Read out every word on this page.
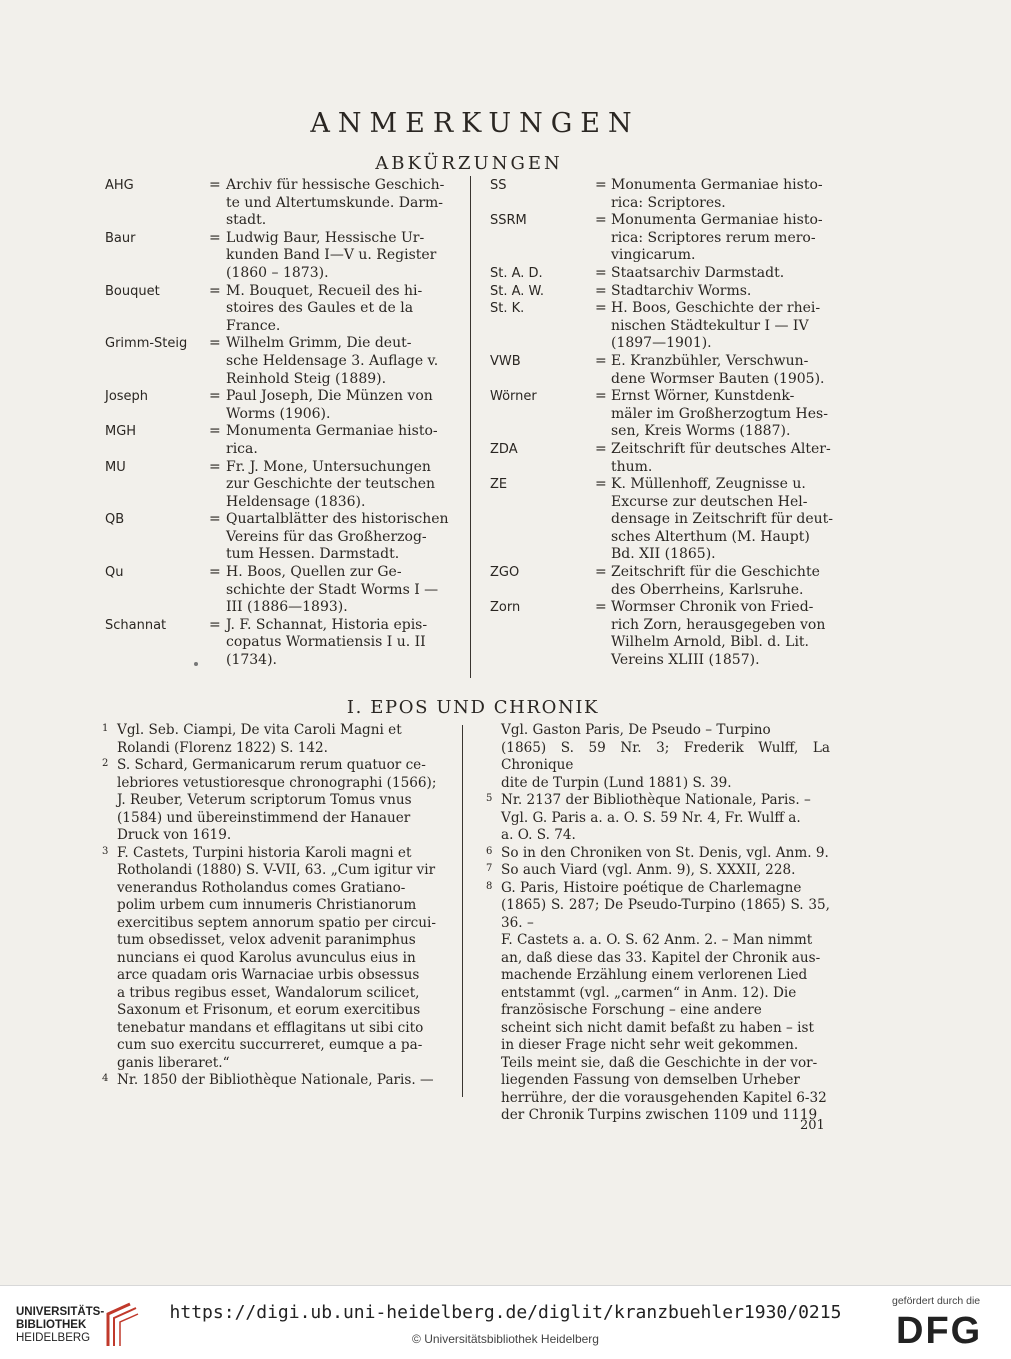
ANMERKUNGEN
ABKÜRZUNGEN
AHG	= Archiv für hessische Geschich-
te und Altertumskunde. Darm-
stadt.
Baur	= Ludwig Baur, Hessische Ur-
kunden Band I—V u. Register
(1860 – 1873).
Bouquet	= M. Bouquet, Recueil des hi-
stoires des Gaules et de la
France.
Grimm-Steig = Wilhelm Grimm, Die deut-
sche Heldensage 3. Auflage v.
Reinhold Steig (1889).
Joseph	= Paul Joseph, Die Münzen von
Worms (1906).
MGH	= Monumenta Germaniae histo-
rica.
MU	= Fr. J. Mone, Untersuchungen
zur Geschichte der teutschen
Heldensage (1836).
QB	= Quartalblätter des historischen
Vereins für das Großherzog-
tum Hessen. Darmstadt.
Qu	= H. Boos, Quellen zur Ge-
schichte der Stadt Worms I —
III (1886—1893).
Schannat	= J. F. Schannat, Historia epis-
copatus Wormatiensis I u. II
(1734).
SS	= Monumenta Germaniae histo-
rica: Scriptores.
SSRM	= Monumenta Germaniae histo-
rica: Scriptores rerum mero-
vingicarum.
St. A. D.	= Staatsarchiv Darmstadt.
St. A. W.	= Stadtarchiv Worms.
St. K.	= H. Boos, Geschichte der rhei-
nischen Städtekultur I — IV
(1897—1901).
VWB	= E. Kranzbühler, Verschwun-
dene Wormser Bauten (1905).
Wörner	= Ernst Wörner, Kunstdenk-
mäler im Großherzogtum Hes-
sen, Kreis Worms (1887).
ZDA	= Zeitschrift für deutsches Alter-
thum.
ZE	= K. Müllenhoff, Zeugnisse u.
Excurse zur deutschen Hel-
densage in Zeitschrift für deut-
sches Alterthum (M. Haupt)
Bd. XII (1865).
ZGO	= Zeitschrift für die Geschichte
des Oberrheins, Karlsruhe.
Zorn	= Wormser Chronik von Fried-
rich Zorn, herausgegeben von
Wilhelm Arnold, Bibl. d. Lit.
Vereins XLIII (1857).
I. EPOS UND CHRONIK
1 Vgl. Seb. Ciampi, De vita Caroli Magni et
Rolandi (Florenz 1822) S. 142.
2 S. Schard, Germanicarum rerum quatuor ce-
lebriores vetustioresque chronographi (1566);
J. Reuber, Veterum scriptorum Tomus vnus
(1584) und übereinstimmend der Hanauer
Druck von 1619.
3 F. Castets, Turpini historia Karoli magni et
Rotholandi (1880) S. V-VII, 63. „Cum igitur vir
venerandus Rotholandus comes Gratiano-
polim urbem cum innumeris Christianorum
exercitibus septem annorum spatio per circui-
tum obsedisset, velox advenit paranimphus
nuncians ei quod Karolus avunculus eius in
arce quadam oris Warnaciae urbis obsessus
a tribus regibus esset, Wandalorum scilicet,
Saxonum et Frisonum, et eorum exercitibus
tenebatur mandans et efflagitans ut sibi cito
cum suo exercitu succurreret, eumque a pa-
ganis liberaret.“
4 Nr. 1850 der Bibliothèque Nationale, Paris. —
Vgl. Gaston Paris, De Pseudo – Turpino
(1865) S. 59 Nr. 3; Frederik Wulff, La Chronique
dite de Turpin (Lund 1881) S. 39.
5 Nr. 2137 der Bibliothèque Nationale, Paris. –
Vgl. G. Paris a. a. O. S. 59 Nr. 4, Fr. Wulff a.
a. O. S. 74.
6 So in den Chroniken von St. Denis, vgl. Anm. 9.
7 So auch Viard (vgl. Anm. 9), S. XXXII, 228.
8 G. Paris, Histoire poétique de Charlemagne
(1865) S. 287; De Pseudo-Turpino (1865) S. 35, 36. –
F. Castets a. a. O. S. 62 Anm. 2. – Man nimmt
an, daß diese das 33. Kapitel der Chronik aus-
machende Erzählung einem verlorenen Lied
entstammt (vgl. „carmen“ in Anm. 12). Die
französische Forschung – eine andere
scheint sich nicht damit befaßt zu haben – ist
in dieser Frage nicht sehr weit gekommen.
Teils meint sie, daß die Geschichte in der vor-
liegenden Fassung von demselben Urheber
herrühre, der die vorausgehenden Kapitel 6-32
der Chronik Turpins zwischen 1109 und 1119
201
UNIVERSITÄTS-
BIBLIOTHEK
HEIDELBERG
https://digi.ub.uni-heidelberg.de/diglit/kranzbuehler1930/0215
© Universitätsbibliothek Heidelberg
gefördert durch die
DFG
